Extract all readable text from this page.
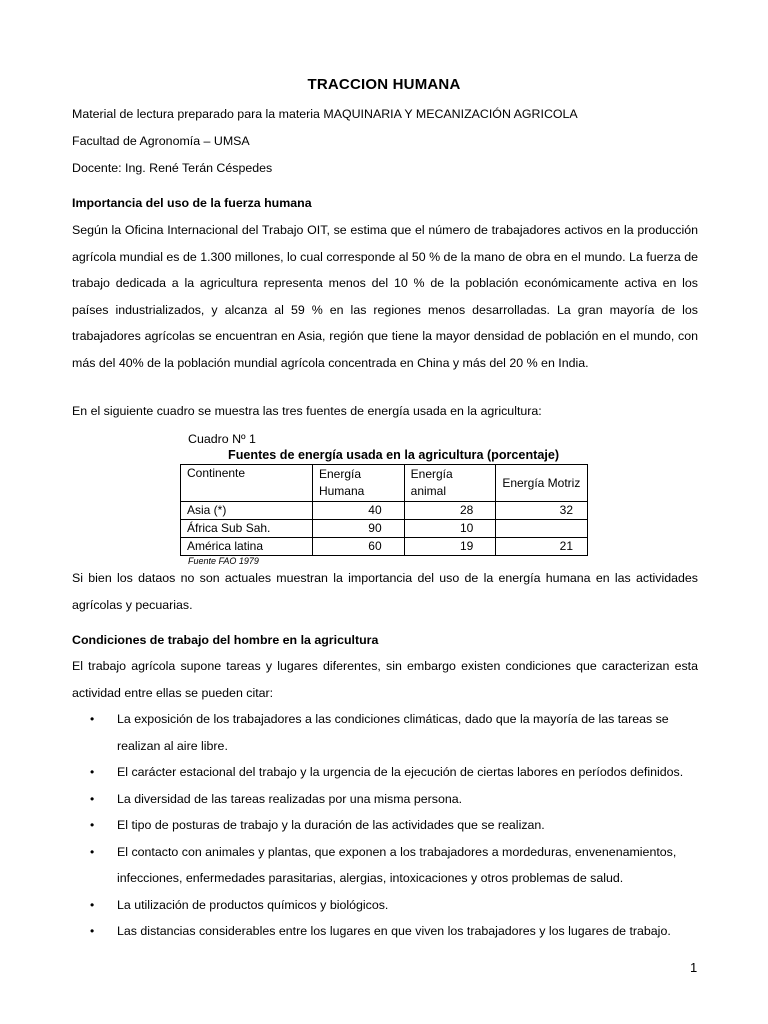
TRACCION HUMANA
Material de lectura preparado para la materia MAQUINARIA Y MECANIZACIÓN AGRICOLA
Facultad de Agronomía – UMSA
Docente: Ing. René Terán Céspedes
Importancia del uso de la fuerza humana

Según la Oficina Internacional del Trabajo OIT, se estima que el número de trabajadores activos en la producción agrícola mundial es de 1.300 millones, lo cual corresponde al 50 % de la mano de obra en el mundo. La fuerza de trabajo dedicada a la agricultura representa menos del 10 % de la población económicamente activa en los países industrializados, y alcanza al 59 % en las regiones menos desarrolladas. La gran mayoría de los trabajadores agrícolas se encuentran en Asia, región que tiene la mayor densidad de población en el mundo, con más del 40% de la población mundial agrícola concentrada en China y más del 20 % en India.

En el siguiente cuadro se muestra las tres fuentes de energía usada en la agricultura:
Cuadro Nº 1
Fuentes de energía usada en la agricultura (porcentaje)
Continente	Energía Humana	Energía animal	Energía Motriz
Asia (*)	40	28	32
África Sub Sah.	90	10	
América latina	60	19	21
Fuente FAO 1979

Si bien los dataos no son actuales muestran la importancia del uso de la energía humana en las actividades agrícolas y pecuarias.

Condiciones de trabajo del hombre en la agricultura

El trabajo agrícola supone tareas y lugares diferentes, sin embargo existen condiciones que caracterizan esta actividad entre ellas se pueden citar:

• La exposición de los trabajadores a las condiciones climáticas, dado que la mayoría de las tareas se realizan al aire libre.
• El carácter estacional del trabajo y la urgencia de la ejecución de ciertas labores en períodos definidos.
• La diversidad de las tareas realizadas por una misma persona.
• El tipo de posturas de trabajo y la duración de las actividades que se realizan.
• El contacto con animales y plantas, que exponen a los trabajadores a mordeduras, envenenamientos, infecciones, enfermedades parasitarias, alergias, intoxicaciones y otros problemas de salud.
• La utilización de productos químicos y biológicos.
• Las distancias considerables entre los lugares en que viven los trabajadores y los lugares de trabajo.
1
